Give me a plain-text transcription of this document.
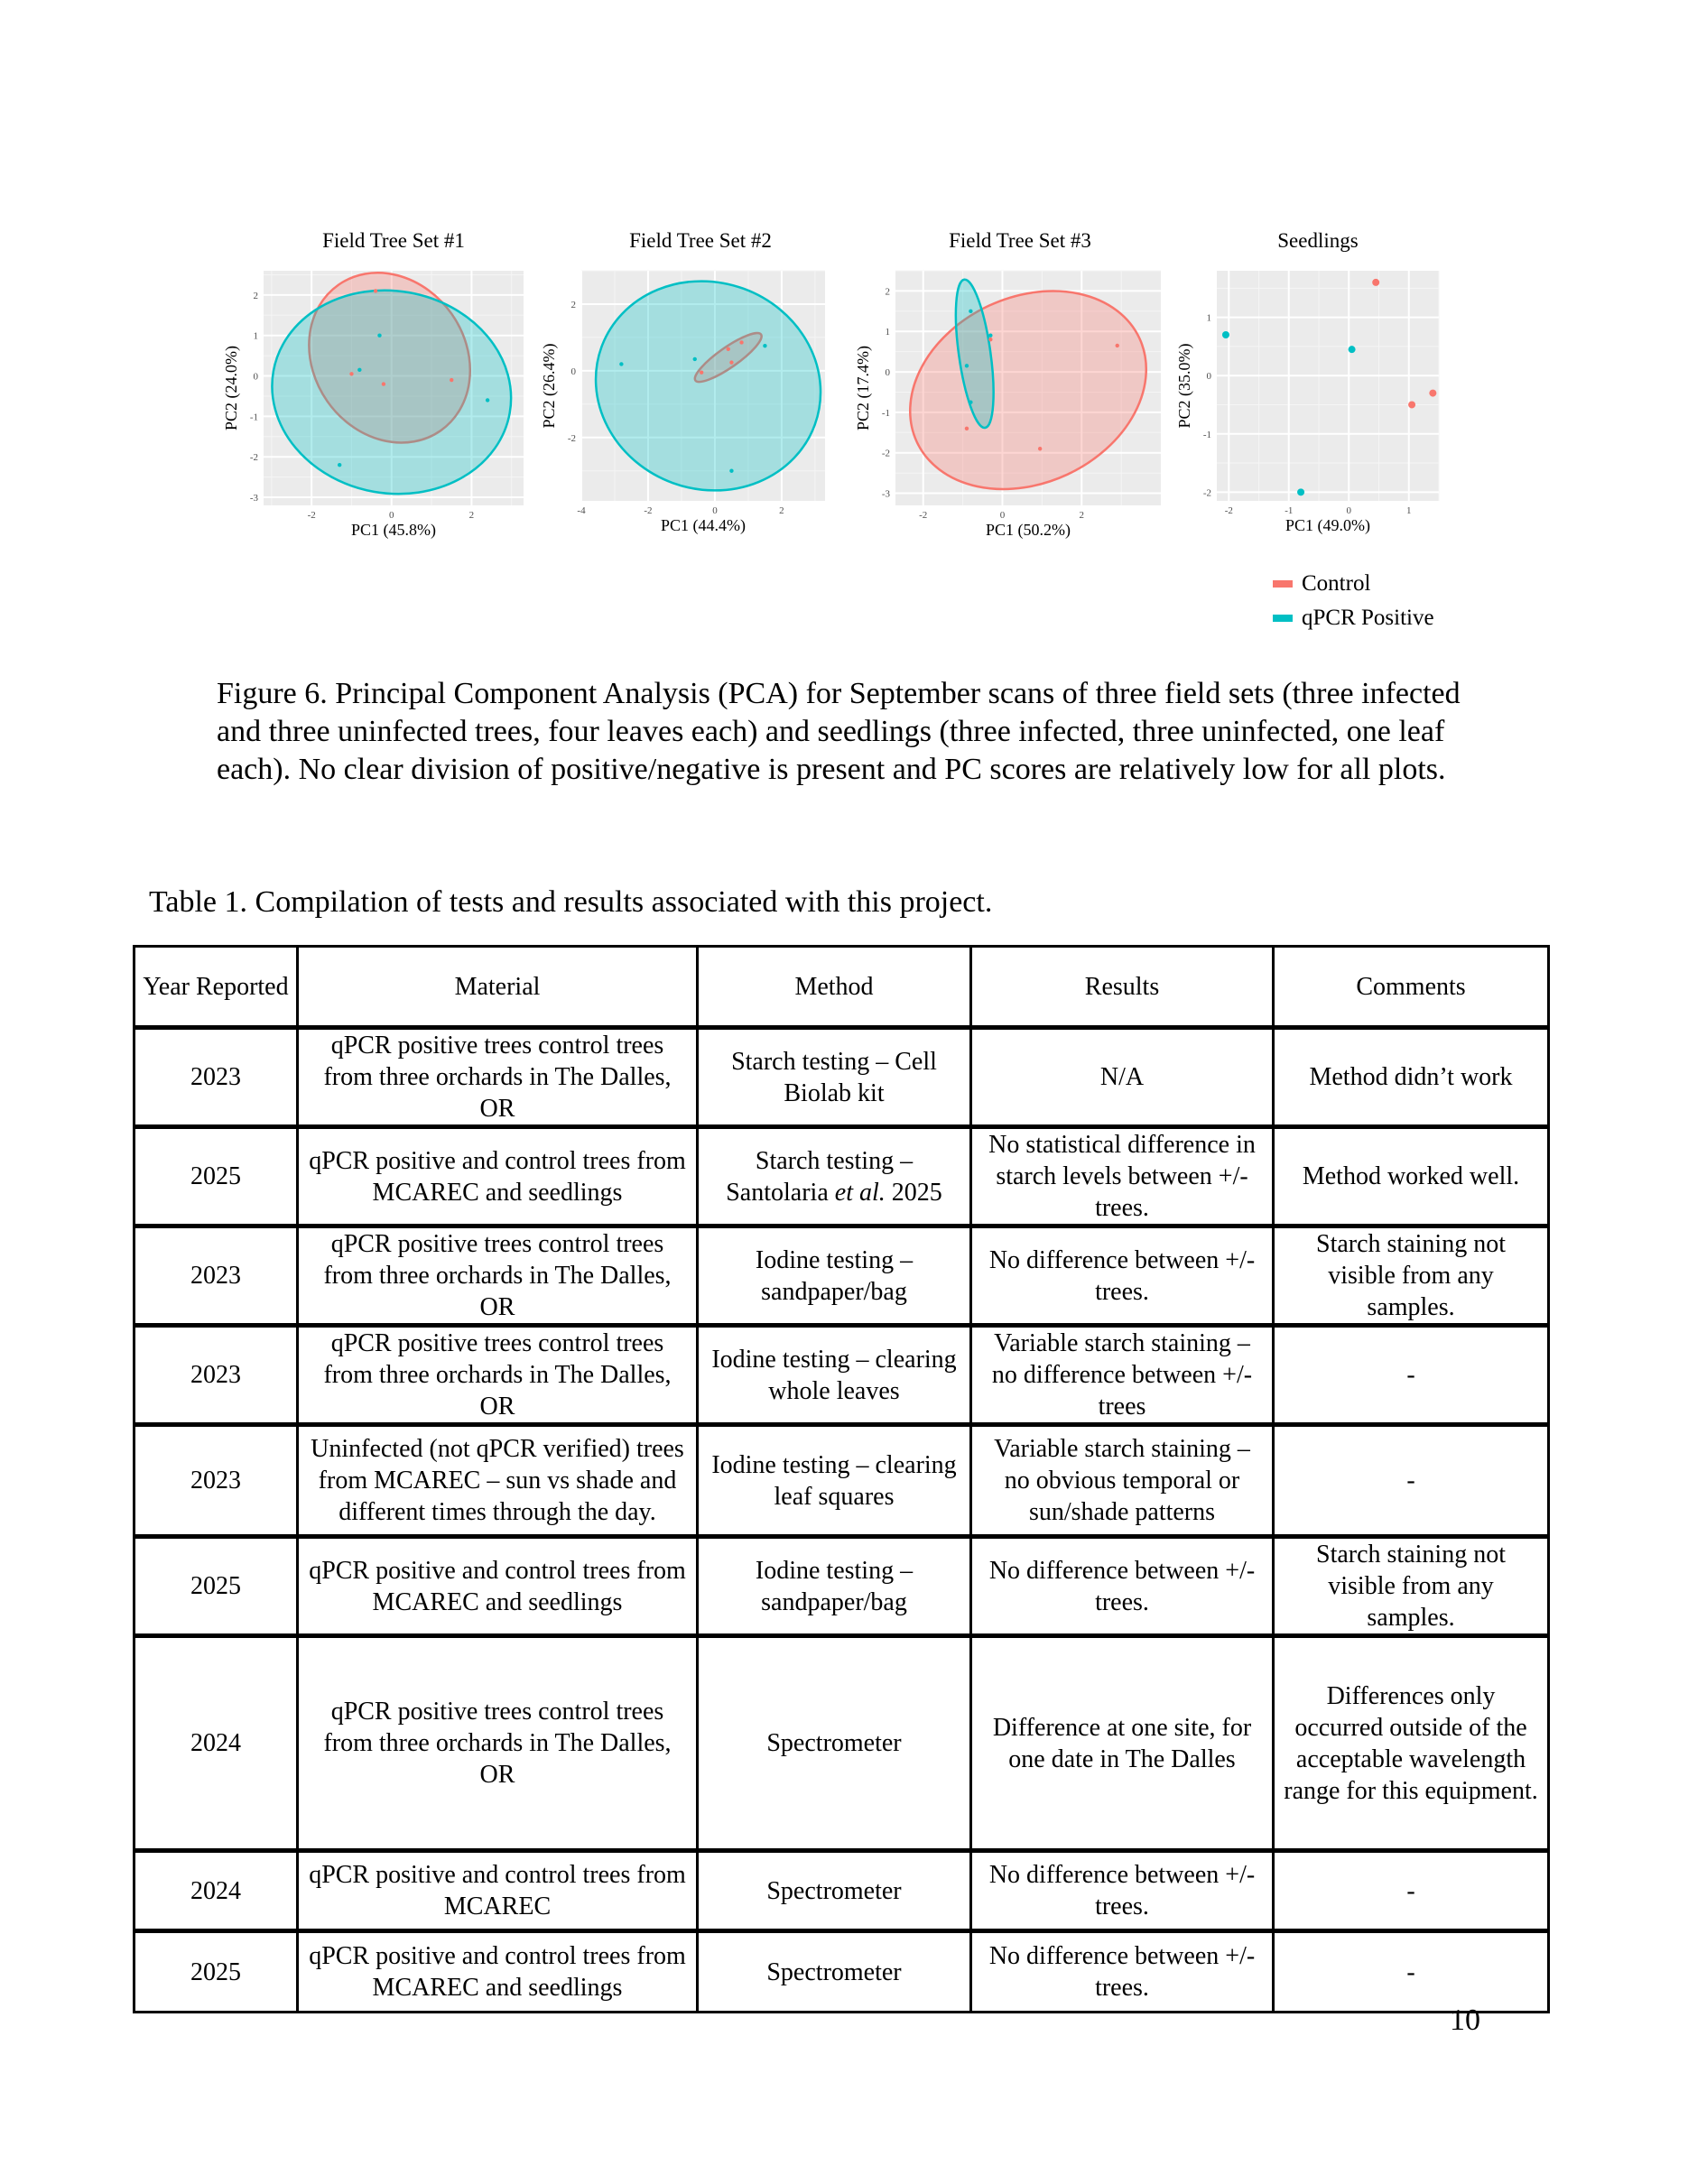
Field Tree Set #1
-2	0	2
-3
-2
-1
0
1
2
PC1 (45.8%)
PC2 (24.0%)
Field Tree Set #2
-4	-2	0	2
-2
0
2
PC1 (44.4%)
PC2 (26.4%)
Field Tree Set #3
-2	0	2
-3
-2
-1
0
1
2
PC1 (50.2%)
PC2 (17.4%)
Seedlings
-2	-1	0	1
-2
-1
0
1
PC1 (49.0%)
PC2 (35.0%)
Control
qPCR Positive
Figure 6. Principal Component Analysis (PCA) for September scans of three field sets (three infected and three uninfected trees, four leaves each) and seedlings (three infected, three uninfected, one leaf each). No clear division of positive/negative is present and PC scores are relatively low for all plots.
Table 1. Compilation of tests and results associated with this project.
Year Reported	Material	Method	Results	Comments
2023	qPCR positive trees control trees from three orchards in The Dalles, OR	Starch testing – Cell Biolab kit	N/A	Method didn’t work
2025	qPCR positive and control trees from MCAREC and seedlings	Starch testing – Santolaria et al. 2025	No statistical difference in starch levels between +/- trees.	Method worked well.
2023	qPCR positive trees control trees from three orchards in The Dalles, OR	Iodine testing – sandpaper/bag	No difference between +/- trees.	Starch staining not visible from any samples.
2023	qPCR positive trees control trees from three orchards in The Dalles, OR	Iodine testing – clearing whole leaves	Variable starch staining – no difference between +/- trees	-
2023	Uninfected (not qPCR verified) trees from MCAREC – sun vs shade and different times through the day.	Iodine testing – clearing leaf squares	Variable starch staining – no obvious temporal or sun/shade patterns	-
2025	qPCR positive and control trees from MCAREC and seedlings	Iodine testing – sandpaper/bag	No difference between +/- trees.	Starch staining not visible from any samples.
2024	qPCR positive trees control trees from three orchards in The Dalles, OR	Spectrometer	Difference at one site, for one date in The Dalles	Differences only occurred outside of the acceptable wavelength range for this equipment.
2024	qPCR positive and control trees from MCAREC	Spectrometer	No difference between +/- trees.	-
2025	qPCR positive and control trees from MCAREC and seedlings	Spectrometer	No difference between +/- trees.	-
10
